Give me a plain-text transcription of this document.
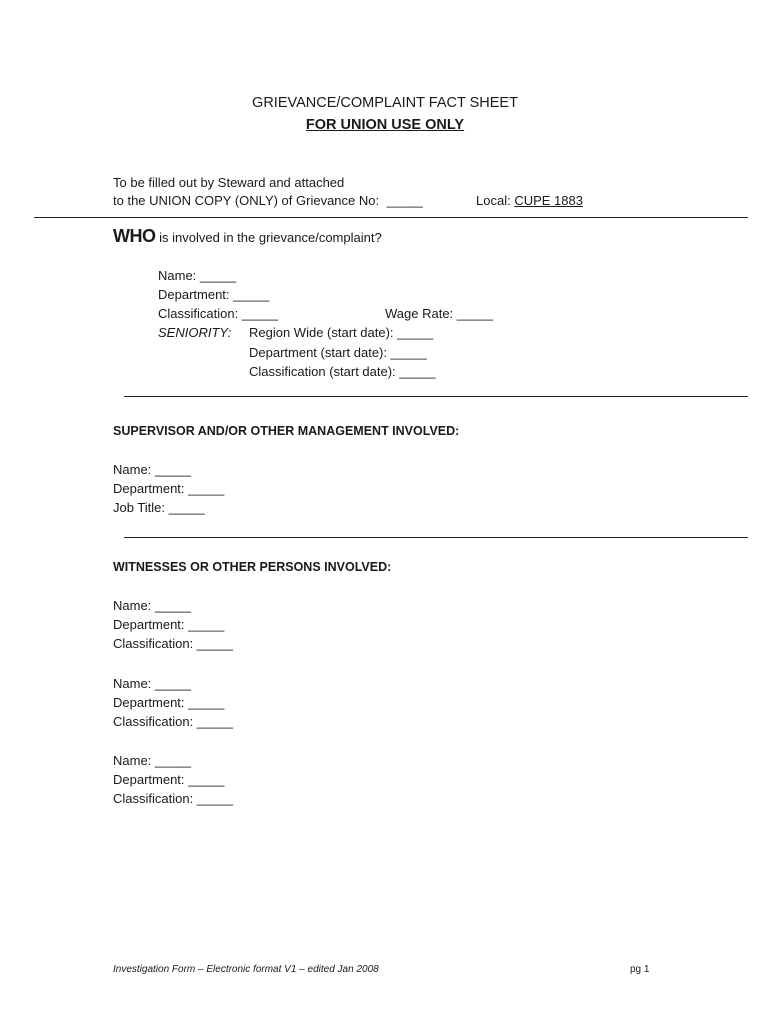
GRIEVANCE/COMPLAINT FACT SHEET
FOR UNION USE ONLY
To be filled out by Steward and attached
to the UNION COPY (ONLY) of Grievance No: _____	Local: CUPE 1883
WHO is involved in the grievance/complaint?
Name: _____
Department: _____
Classification: _____	Wage Rate: _____
SENIORITY: Region Wide (start date): _____
Department (start date): _____
Classification (start date): _____
SUPERVISOR AND/OR OTHER MANAGEMENT INVOLVED:
Name: _____
Department: _____
Job Title: _____
WITNESSES OR OTHER PERSONS INVOLVED:
Name: _____
Department: _____
Classification: _____
Name: _____
Department: _____
Classification: _____
Name: _____
Department: _____
Classification: _____
Investigation Form – Electronic format V1 – edited Jan 2008	pg 1
